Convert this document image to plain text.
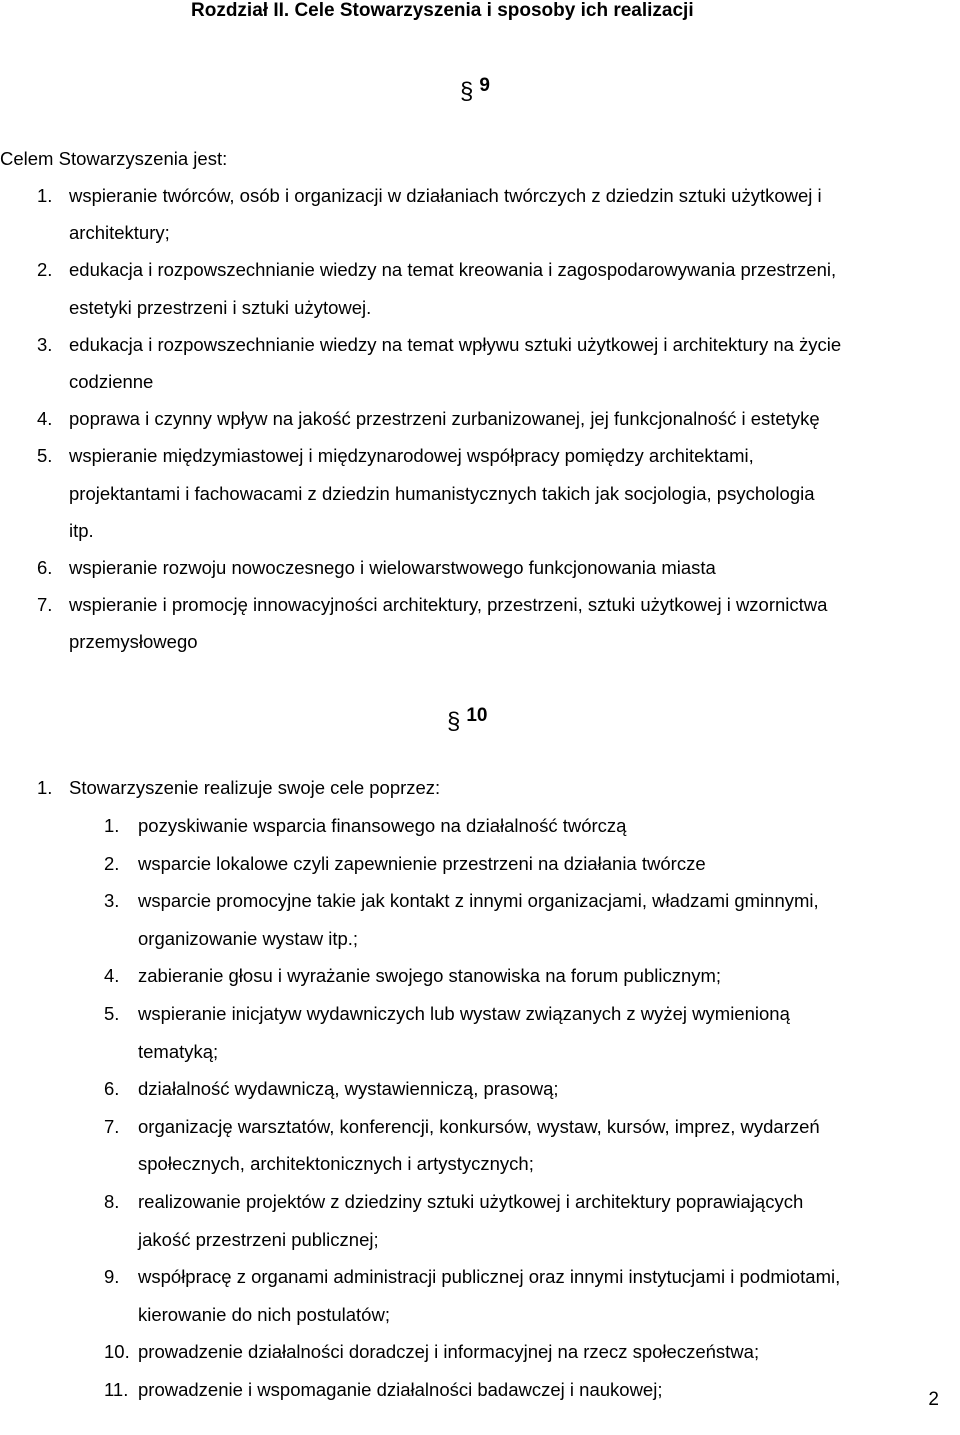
Rozdział II. Cele Stowarzyszenia i sposoby ich realizacji
§ 9
Celem Stowarzyszenia jest:
1. wspieranie twórców, osób i organizacji w działaniach twórczych z dziedzin sztuki użytkowej i
architektury;
2. edukacja i rozpowszechnianie wiedzy na temat kreowania i zagospodarowywania przestrzeni,
estetyki przestrzeni i sztuki użytowej.
3. edukacja i rozpowszechnianie wiedzy na temat wpływu sztuki użytkowej i architektury na życie
codzienne
4. poprawa i czynny wpływ na jakość przestrzeni zurbanizowanej, jej funkcjonalność i estetykę
5. wspieranie międzymiastowej i międzynarodowej współpracy pomiędzy architektami,
projektantami i fachowacami z dziedzin humanistycznych takich jak socjologia, psychologia
itp.
6. wspieranie rozwoju nowoczesnego i wielowarstwowego funkcjonowania miasta
7. wspieranie i promocję innowacyjności architektury, przestrzeni, sztuki użytkowej i wzornictwa
przemysłowego
§ 10
1. Stowarzyszenie realizuje swoje cele poprzez:
1. pozyskiwanie wsparcia finansowego na działalność twórczą
2. wsparcie lokalowe czyli zapewnienie przestrzeni na działania twórcze
3. wsparcie promocyjne takie jak kontakt z innymi organizacjami, władzami gminnymi,
organizowanie wystaw itp.;
4. zabieranie głosu i wyrażanie swojego stanowiska na forum publicznym;
5. wspieranie inicjatyw wydawniczych lub wystaw związanych z wyżej wymienioną
tematyką;
6. działalność wydawniczą, wystawienniczą, prasową;
7. organizację warsztatów, konferencji, konkursów, wystaw, kursów, imprez, wydarzeń
społecznych, architektonicznych i artystycznych;
8. realizowanie projektów z dziedziny sztuki użytkowej i architektury poprawiających
jakość przestrzeni publicznej;
9. współpracę z organami administracji publicznej oraz innymi instytucjami i podmiotami,
kierowanie do nich postulatów;
10. prowadzenie działalności doradczej i informacyjnej na rzecz społeczeństwa;
11. prowadzenie i wspomaganie działalności badawczej i naukowej;	2
